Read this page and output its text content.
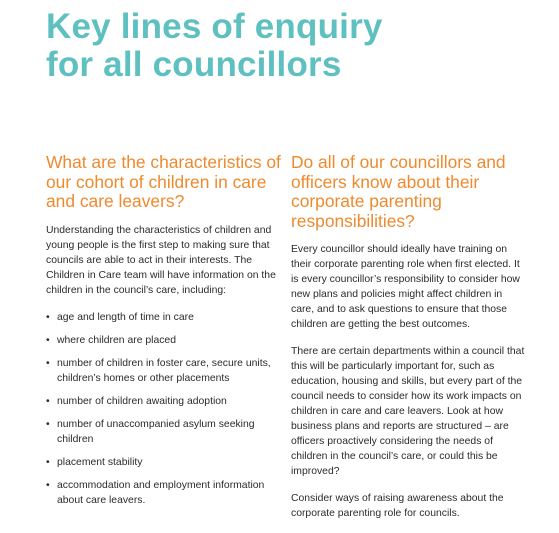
Key lines of enquiry
for all councillors
What are the characteristics of our cohort of children in care and care leavers?

Understanding the characteristics of children and young people is the first step to making sure that councils are able to act in their interests. The Children in Care team will have information on the children in the council’s care, including:

• age and length of time in care
• where children are placed
• number of children in foster care, secure units, children’s homes or other placements
• number of children awaiting adoption
• number of unaccompanied asylum seeking children
• placement stability
• accommodation and employment information about care leavers.
Do all of our councillors and officers know about their corporate parenting responsibilities?

Every councillor should ideally have training on their corporate parenting role when first elected. It is every councillor’s responsibility to consider how new plans and policies might affect children in care, and to ask questions to ensure that those children are getting the best outcomes.

There are certain departments within a council that this will be particularly important for, such as education, housing and skills, but every part of the council needs to consider how its work impacts on children in care and care leavers. Look at how business plans and reports are structured – are officers proactively considering the needs of children in the council’s care, or could this be improved?

Consider ways of raising awareness about the corporate parenting role for councils.
